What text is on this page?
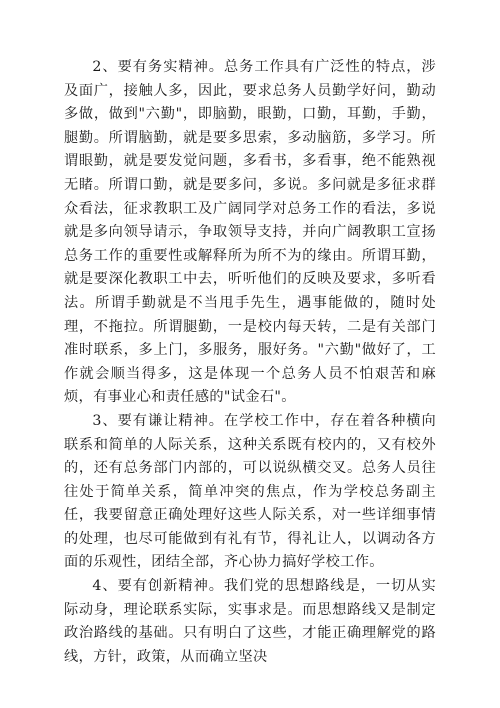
2、要有务实精神。总务工作具有广泛性的特点，涉及面广，接触人多，因此，要求总务人员勤学好问，勤动多做，做到"六勤"，即脑勤，眼勤，口勤，耳勤，手勤，腿勤。所谓脑勤，就是要多思索，多动脑筋，多学习。所谓眼勤，就是要发觉问题，多看书，多看事，绝不能熟视无睹。所谓口勤，就是要多问，多说。多问就是多征求群众看法，征求教职工及广阔同学对总务工作的看法，多说就是多向领导请示，争取领导支持，并向广阔教职工宣扬总务工作的重要性或解释所为所不为的缘由。所谓耳勤，就是要深化教职工中去，听听他们的反映及要求，多听看法。所谓手勤就是不当甩手先生，遇事能做的，随时处理，不拖拉。所谓腿勤，一是校内每天转，二是有关部门准时联系，多上门，多服务，服好务。"六勤"做好了，工作就会顺当得多，这是体现一个总务人员不怕艰苦和麻烦，有事业心和责任感的"试金石"。

3、要有谦让精神。在学校工作中，存在着各种横向联系和简单的人际关系，这种关系既有校内的，又有校外的，还有总务部门内部的，可以说纵横交叉。总务人员往往处于简单关系，简单冲突的焦点，作为学校总务副主任，我要留意正确处理好这些人际关系，对一些详细事情的处理，也尽可能做到有礼有节，得礼让人，以调动各方面的乐观性，团结全部，齐心协力搞好学校工作。

4、要有创新精神。我们党的思想路线是，一切从实际动身，理论联系实际，实事求是。而思想路线又是制定政治路线的基础。只有明白了这些，才能正确理解党的路线，方针，政策，从而确立坚决
